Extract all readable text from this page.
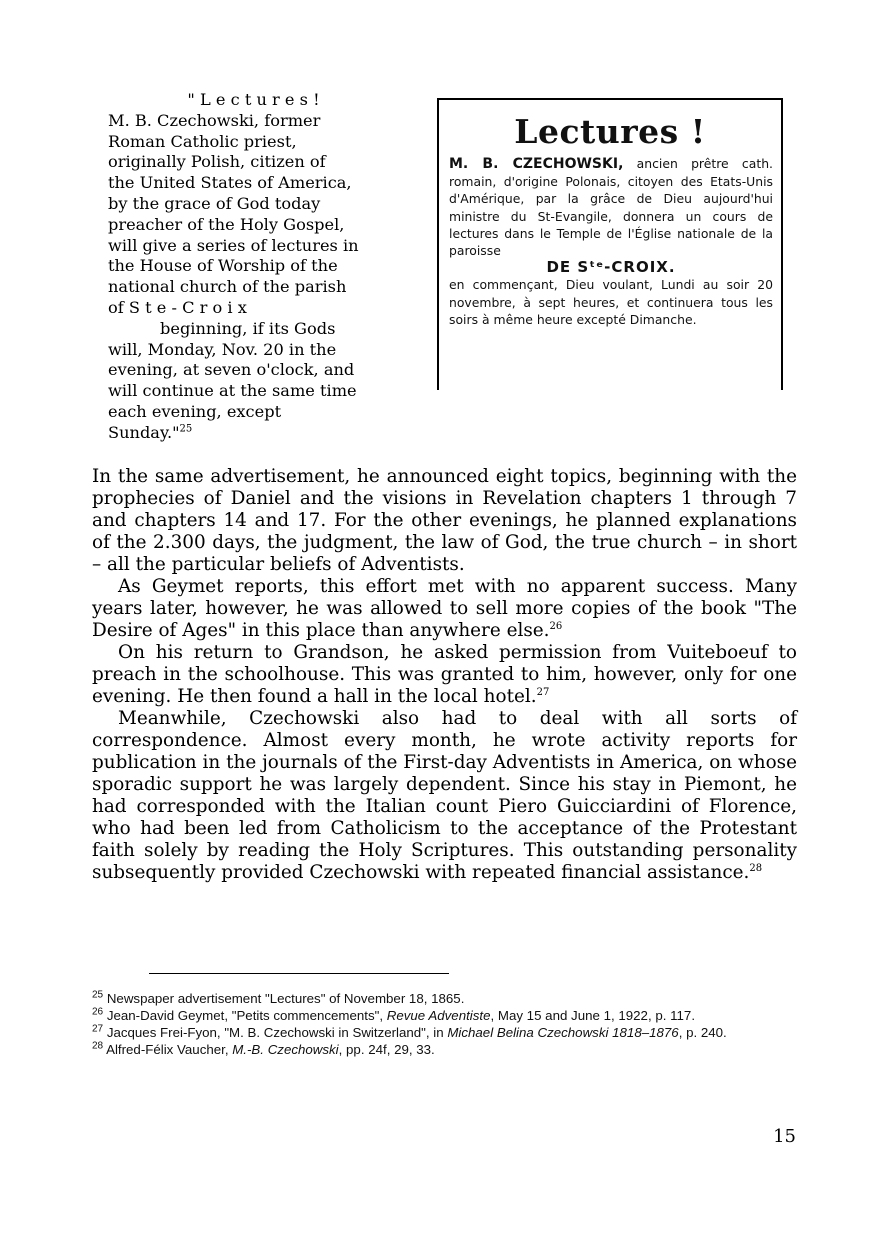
" L e c t u r e s !
M. B. Czechowski, former
Roman Catholic priest,
originally Polish, citizen of
the United States of America,
by the grace of God today
preacher of the Holy Gospel,
will give a series of lectures in
the House of Worship of the
national church of the parish
of S t e - C r o i x
beginning, if its Gods
will, Monday, Nov. 20 in the
evening, at seven o'clock, and
will continue at the same time
each evening, except
Sunday."$^{25}$
Lectures !
M. B. CZECHOWSKI, ancien prêtre cath. romain, d'origine Polonais, citoyen des Etats-Unis d'Amérique, par la grâce de Dieu aujourd'hui ministre du St-Evangile, donnera un cours de lectures dans le Temple de l'Église nationale de la paroisse
DE Sᵗᵉ-CROIX.
en commençant, Dieu voulant, Lundi au soir 20 novembre, à sept heures, et continuera tous les soirs à même heure excepté Dimanche.

In the same advertisement, he announced eight topics, beginning with the prophecies of Daniel and the visions in Revelation chapters 1 through 7 and chapters 14 and 17. For the other evenings, he planned explanations of the 2.300 days, the judgment, the law of God, the true church – in short – all the particular beliefs of Adventists.

As Geymet reports, this effort met with no apparent success. Many years later, however, he was allowed to sell more copies of the book "The Desire of Ages" in this place than anywhere else.$^{26}$

On his return to Grandson, he asked permission from Vuiteboeuf to preach in the schoolhouse. This was granted to him, however, only for one evening. He then found a hall in the local hotel.$^{27}$

Meanwhile, Czechowski also had to deal with all sorts of correspondence. Almost every month, he wrote activity reports for publication in the journals of the First-day Adventists in America, on whose sporadic support he was largely dependent. Since his stay in Piemont, he had corresponded with the Italian count Piero Guicciardini of Florence, who had been led from Catholicism to the acceptance of the Protestant faith solely by reading the Holy Scriptures. This outstanding personality subsequently provided Czechowski with repeated financial assistance.$^{28}$

$^{25}$ Newspaper advertisement "Lectures" of November 18, 1865.

$^{26}$ Jean-David Geymet, "Petits commencements", Revue Adventiste, May 15 and June 1, 1922, p. 117.

$^{27}$ Jacques Frei-Fyon, "M. B. Czechowski in Switzerland", in Michael Belina Czechowski 1818–1876, p. 240.

$^{28}$ Alfred-Félix Vaucher, M.-B. Czechowski, pp. 24f, 29, 33.

15
